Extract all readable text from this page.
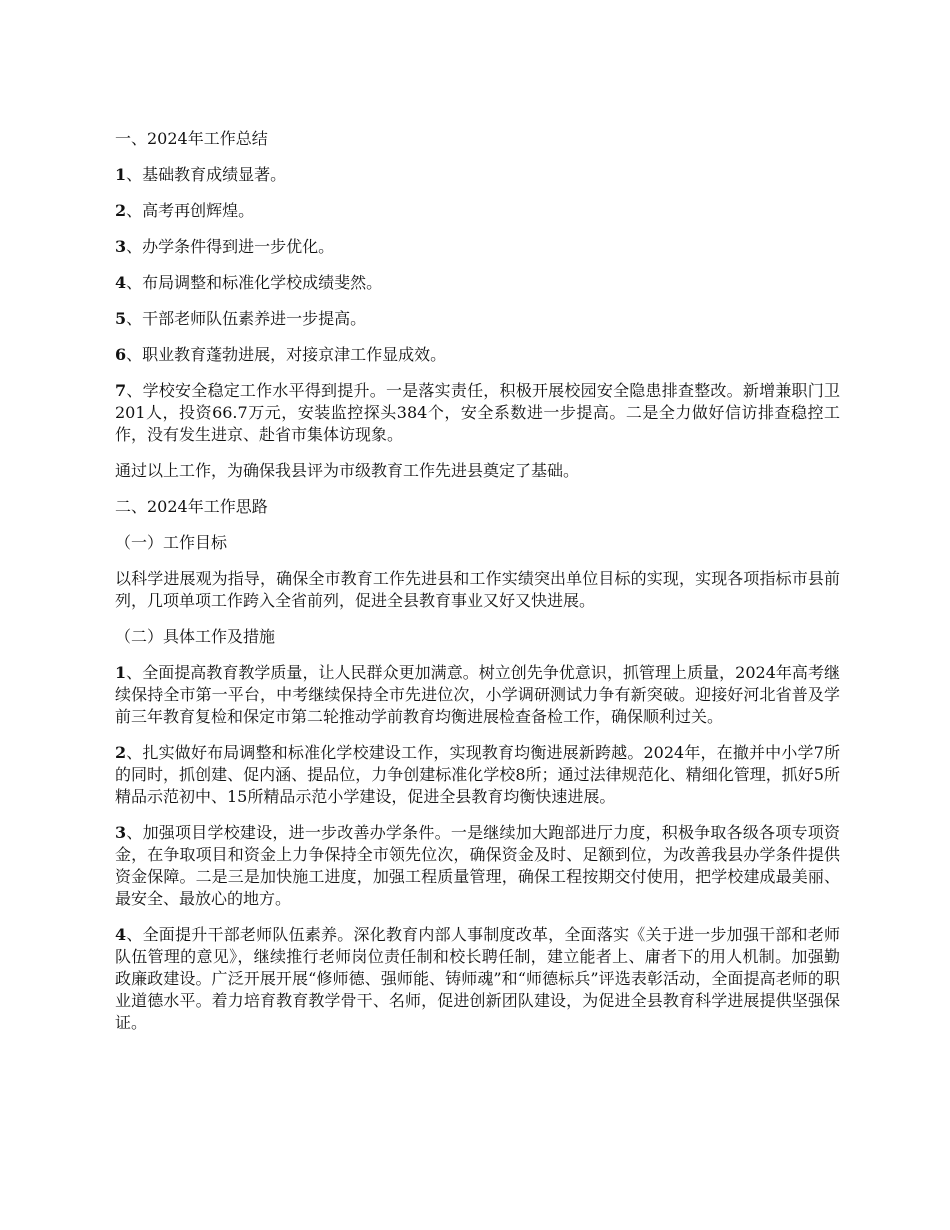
一、2024年工作总结
1、基础教育成绩显著。
2、高考再创辉煌。
3、办学条件得到进一步优化。
4、布局调整和标准化学校成绩斐然。
5、干部老师队伍素养进一步提高。
6、职业教育蓬勃进展，对接京津工作显成效。
7、学校安全稳定工作水平得到提升。一是落实责任，积极开展校园安全隐患排查整改。新增兼职门卫201人，投资66.7万元，安装监控探头384个，安全系数进一步提高。二是全力做好信访排查稳控工作，没有发生进京、赴省市集体访现象。
通过以上工作，为确保我县评为市级教育工作先进县奠定了基础。
二、2024年工作思路
（一）工作目标
以科学进展观为指导，确保全市教育工作先进县和工作实绩突出单位目标的实现，实现各项指标市县前列，几项单项工作跨入全省前列，促进全县教育事业又好又快进展。
（二）具体工作及措施
1、全面提高教育教学质量，让人民群众更加满意。树立创先争优意识，抓管理上质量，2024年高考继续保持全市第一平台，中考继续保持全市先进位次，小学调研测试力争有新突破。迎接好河北省普及学前三年教育复检和保定市第二轮推动学前教育均衡进展检查备检工作，确保顺利过关。
2、扎实做好布局调整和标准化学校建设工作，实现教育均衡进展新跨越。2024年，在撤并中小学7所的同时，抓创建、促内涵、提品位，力争创建标准化学校8所；通过法律规范化、精细化管理，抓好5所精品示范初中、15所精品示范小学建设，促进全县教育均衡快速进展。
3、加强项目学校建设，进一步改善办学条件。一是继续加大跑部进厅力度，积极争取各级各项专项资金，在争取项目和资金上力争保持全市领先位次，确保资金及时、足额到位，为改善我县办学条件提供资金保障。二是三是加快施工进度，加强工程质量管理，确保工程按期交付使用，把学校建成最美丽、最安全、最放心的地方。
4、全面提升干部老师队伍素养。深化教育内部人事制度改革，全面落实《关于进一步加强干部和老师队伍管理的意见》，继续推行老师岗位责任制和校长聘任制，建立能者上、庸者下的用人机制。加强勤政廉政建设。广泛开展开展“修师德、强师能、铸师魂”和“师德标兵”评选表彰活动，全面提高老师的职业道德水平。着力培育教育教学骨干、名师，促进创新团队建设，为促进全县教育科学进展提供坚强保证。
